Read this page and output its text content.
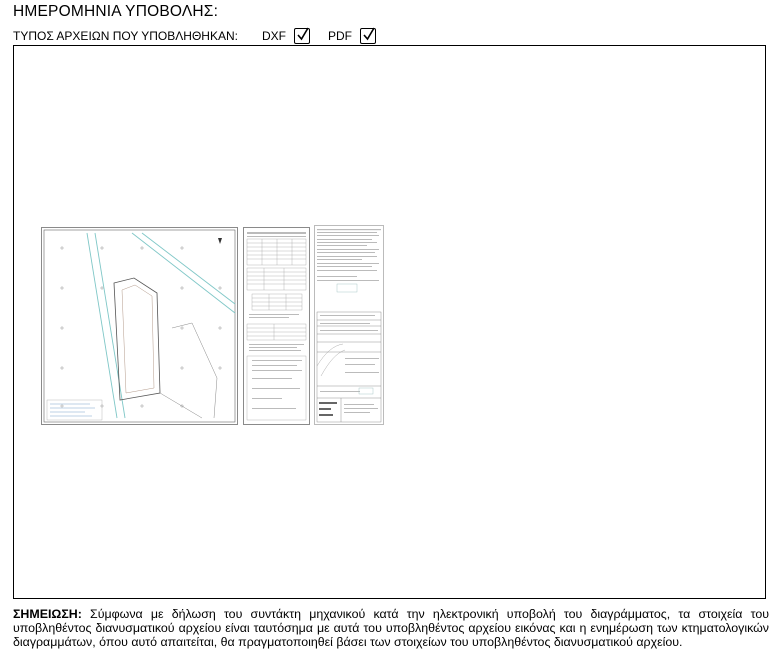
ΗΜΕΡΟΜΗΝΙΑ ΥΠΟΒΟΛΗΣ:
ΤΥΠΟΣ ΑΡΧΕΙΩΝ ΠΟΥ ΥΠΟΒΛΗΘΗΚΑΝ: DXF	PDF
ΣΗΜΕΙΩΣΗ: Σύμφωνα με δήλωση του συντάκτη μηχανικού κατά την ηλεκτρονική υποβολή του διαγράμματος, τα στοιχεία του υποβληθέντος διανυσματικού αρχείου είναι ταυτόσημα με αυτά του υποβληθέντος αρχείου εικόνας και η ενημέρωση των κτηματολογικών διαγραμμάτων, όπου αυτό απαιτείται, θα πραγματοποιηθεί βάσει των στοιχείων του υποβληθέντος διανυσματικού αρχείου.
